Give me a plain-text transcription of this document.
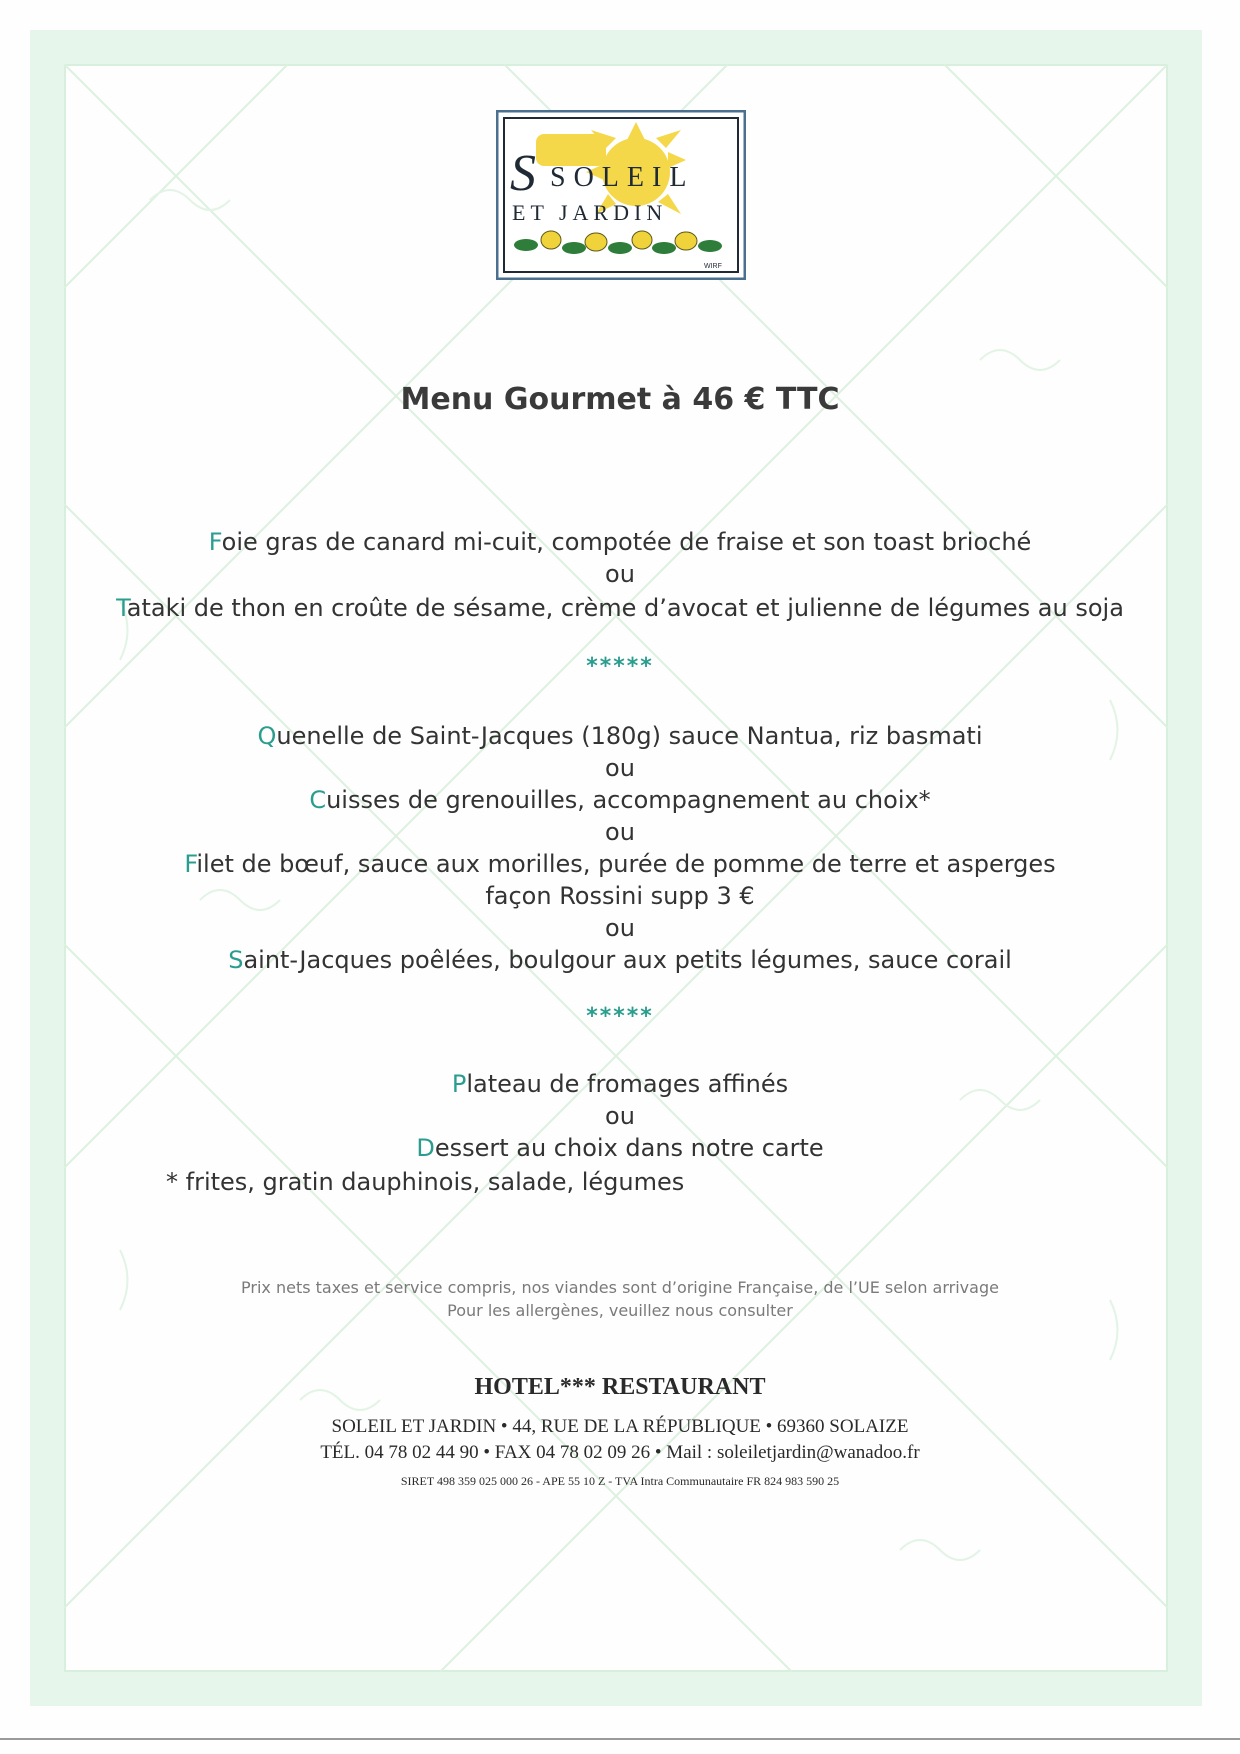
S SOLEIL
ET JARDIN
WIRF
Menu Gourmet à 46 € TTC
Foie gras de canard mi-cuit, compotée de fraise et son toast brioché
ou
Tataki de thon en croûte de sésame, crème d’avocat et julienne de légumes au soja
*****
Quenelle de Saint-Jacques (180g) sauce Nantua, riz basmati
ou
Cuisses de grenouilles, accompagnement au choix*
ou
Filet de bœuf, sauce aux morilles, purée de pomme de terre et asperges
façon Rossini supp 3 €
ou
Saint-Jacques poêlées, boulgour aux petits légumes, sauce corail
*****
Plateau de fromages affinés
ou
Dessert au choix dans notre carte
* frites, gratin dauphinois, salade, légumes
Prix nets taxes et service compris, nos viandes sont d’origine Française, de l’UE selon arrivage
Pour les allergènes, veuillez nous consulter
HOTEL*** RESTAURANT
SOLEIL ET JARDIN • 44, RUE DE LA RÉPUBLIQUE • 69360 SOLAIZE
TÉL. 04 78 02 44 90 • FAX 04 78 02 09 26 • Mail : soleiletjardin@wanadoo.fr
SIRET 498 359 025 000 26 - APE 55 10 Z - TVA Intra Communautaire FR 824 983 590 25
